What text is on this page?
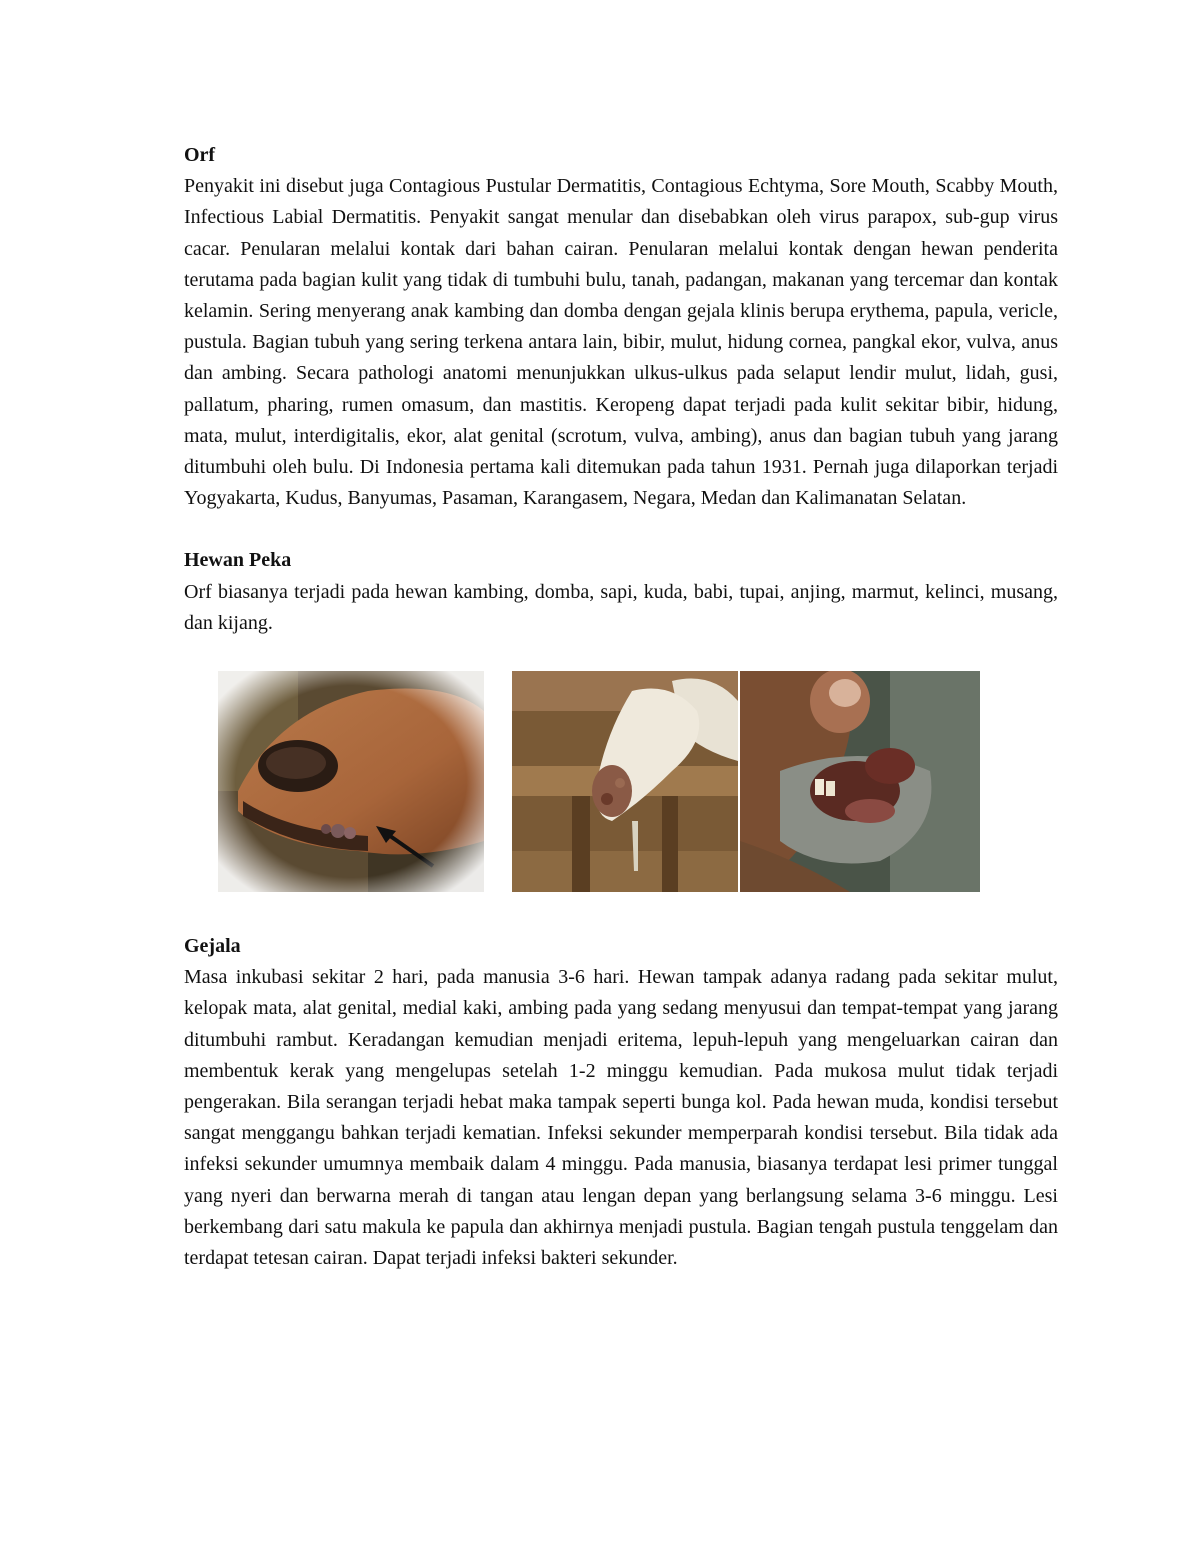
Orf

Penyakit ini disebut juga Contagious Pustular Dermatitis, Contagious Echtyma, Sore Mouth, Scabby Mouth, Infectious Labial Dermatitis. Penyakit sangat menular dan disebabkan oleh virus parapox, sub-gup virus cacar. Penularan melalui kontak dari bahan cairan. Penularan melalui kontak dengan hewan penderita terutama pada bagian kulit yang tidak di tumbuhi bulu, tanah, padangan, makanan yang tercemar dan kontak kelamin. Sering menyerang anak kambing dan domba dengan gejala klinis berupa erythema, papula, vericle, pustula. Bagian tubuh yang sering terkena antara lain, bibir, mulut, hidung cornea, pangkal ekor, vulva, anus dan ambing. Secara pathologi anatomi menunjukkan ulkus-ulkus pada selaput lendir mulut, lidah, gusi, pallatum, pharing, rumen omasum, dan mastitis. Keropeng dapat terjadi pada kulit sekitar bibir, hidung, mata, mulut, interdigitalis, ekor, alat genital (scrotum, vulva, ambing), anus dan bagian tubuh yang jarang ditumbuhi oleh bulu. Di Indonesia pertama kali ditemukan pada tahun 1931. Pernah juga dilaporkan terjadi Yogyakarta, Kudus, Banyumas, Pasaman, Karangasem, Negara, Medan dan Kalimanatan Selatan.

Hewan Peka

Orf biasanya terjadi pada hewan kambing, domba, sapi, kuda, babi, tupai, anjing, marmut, kelinci, musang, dan kijang.

Gejala

Masa inkubasi sekitar 2 hari, pada manusia 3-6 hari. Hewan tampak adanya radang pada sekitar mulut, kelopak mata, alat genital, medial kaki, ambing pada yang sedang menyusui dan tempat-tempat yang jarang ditumbuhi rambut. Keradangan kemudian menjadi eritema, lepuh-lepuh yang mengeluarkan cairan dan membentuk kerak yang mengelupas setelah 1-2 minggu kemudian. Pada mukosa mulut tidak terjadi pengerakan. Bila serangan terjadi hebat maka tampak seperti bunga kol. Pada hewan muda, kondisi tersebut sangat menggangu bahkan terjadi kematian. Infeksi sekunder memperparah kondisi tersebut. Bila tidak ada infeksi sekunder umumnya membaik dalam 4 minggu. Pada manusia, biasanya terdapat lesi primer tunggal yang nyeri dan berwarna merah di tangan atau lengan depan yang berlangsung selama 3-6 minggu. Lesi berkembang dari satu makula ke papula dan akhirnya menjadi pustula. Bagian tengah pustula tenggelam dan terdapat tetesan cairan. Dapat terjadi infeksi bakteri sekunder.
